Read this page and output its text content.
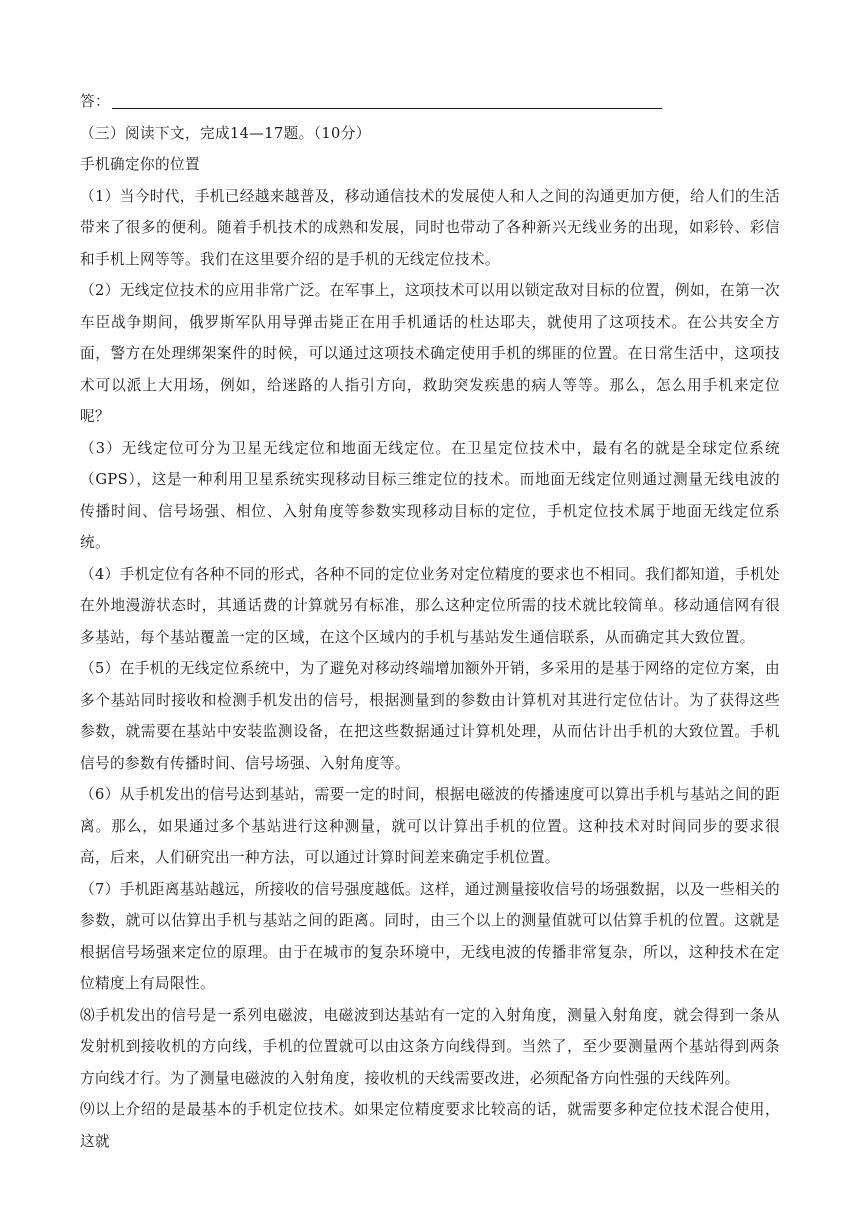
答：

（三）阅读下文，完成14—17题。（10分）

手机确定你的位置

（1）当今时代，手机已经越来越普及，移动通信技术的发展使人和人之间的沟通更加方便，给人们的生活带来了很多的便利。随着手机技术的成熟和发展，同时也带动了各种新兴无线业务的出现，如彩铃、彩信和手机上网等等。我们在这里要介绍的是手机的无线定位技术。

（2）无线定位技术的应用非常广泛。在军事上，这项技术可以用以锁定敌对目标的位置，例如，在第一次车臣战争期间，俄罗斯军队用导弹击毙正在用手机通话的杜达耶夫，就使用了这项技术。在公共安全方面，警方在处理绑架案件的时候，可以通过这项技术确定使用手机的绑匪的位置。在日常生活中，这项技术可以派上大用场，例如，给迷路的人指引方向，救助突发疾患的病人等等。那么，怎么用手机来定位呢？

（3）无线定位可分为卫星无线定位和地面无线定位。在卫星定位技术中，最有名的就是全球定位系统（GPS），这是一种利用卫星系统实现移动目标三维定位的技术。而地面无线定位则通过测量无线电波的传播时间、信号场强、相位、入射角度等参数实现移动目标的定位，手机定位技术属于地面无线定位系统。

（4）手机定位有各种不同的形式，各种不同的定位业务对定位精度的要求也不相同。我们都知道，手机处在外地漫游状态时，其通话费的计算就另有标准，那么这种定位所需的技术就比较简单。移动通信网有很多基站，每个基站覆盖一定的区域，在这个区域内的手机与基站发生通信联系，从而确定其大致位置。

（5）在手机的无线定位系统中，为了避免对移动终端增加额外开销，多采用的是基于网络的定位方案，由多个基站同时接收和检测手机发出的信号，根据测量到的参数由计算机对其进行定位估计。为了获得这些参数，就需要在基站中安装监测设备，在把这些数据通过计算机处理，从而估计出手机的大致位置。手机信号的参数有传播时间、信号场强、入射角度等。

（6）从手机发出的信号达到基站，需要一定的时间，根据电磁波的传播速度可以算出手机与基站之间的距离。那么，如果通过多个基站进行这种测量，就可以计算出手机的位置。这种技术对时间同步的要求很高，后来，人们研究出一种方法，可以通过计算时间差来确定手机位置。

（7）手机距离基站越远，所接收的信号强度越低。这样，通过测量接收信号的场强数据，以及一些相关的参数，就可以估算出手机与基站之间的距离。同时，由三个以上的测量值就可以估算手机的位置。这就是根据信号场强来定位的原理。由于在城市的复杂环境中，无线电波的传播非常复杂，所以，这种技术在定位精度上有局限性。

⑻手机发出的信号是一系列电磁波，电磁波到达基站有一定的入射角度，测量入射角度，就会得到一条从发射机到接收机的方向线，手机的位置就可以由这条方向线得到。当然了，至少要测量两个基站得到两条方向线才行。为了测量电磁波的入射角度，接收机的天线需要改进，必须配备方向性强的天线阵列。

⑼以上介绍的是最基本的手机定位技术。如果定位精度要求比较高的话，就需要多种定位技术混合使用，这就
